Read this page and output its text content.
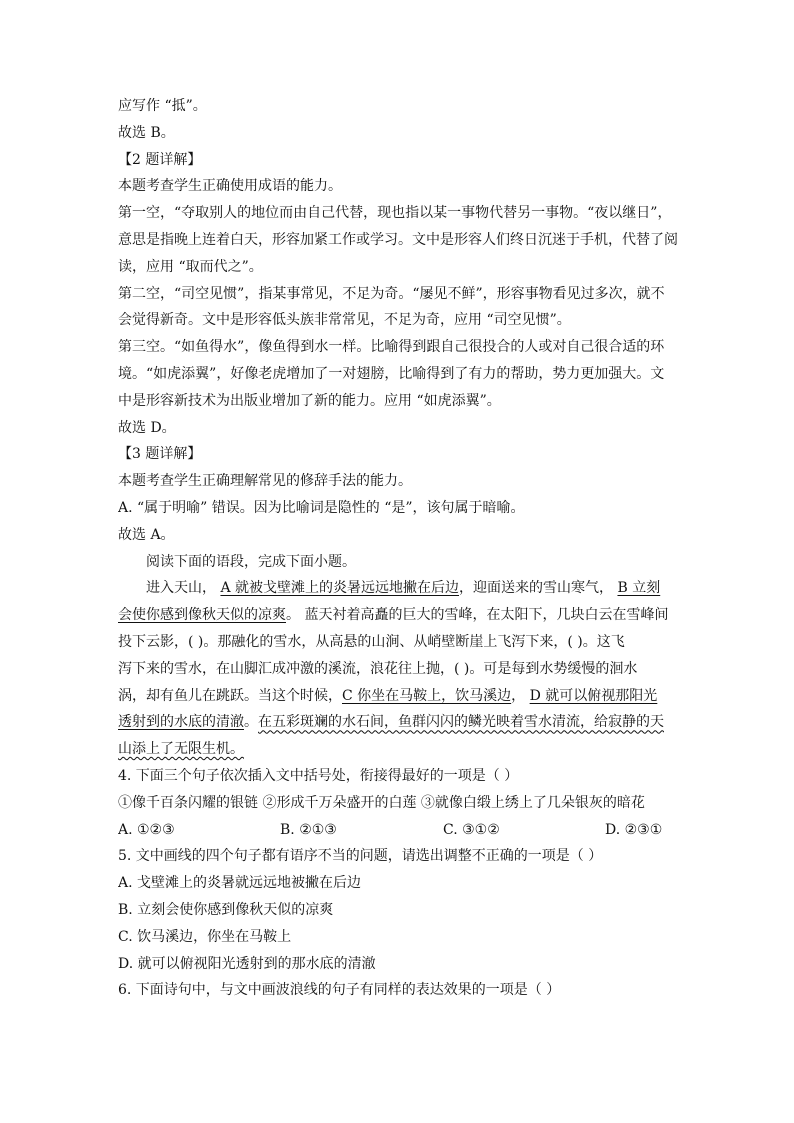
应写作 “抵”。
故选 B。
【2 题详解】
本题考查学生正确使用成语的能力。
第一空，“夺取别人的地位而由自己代替，现也指以某一事物代替另一事物。“夜以继日”，
意思是指晚上连着白天，形容加紧工作或学习。文中是形容人们终日沉迷于手机，代替了阅
读，应用 “取而代之”。
第二空，“司空见惯”，指某事常见，不足为奇。“屡见不鲜”，形容事物看见过多次，就不
会觉得新奇。文中是形容低头族非常常见，不足为奇，应用 “司空见惯”。
第三空。“如鱼得水”，像鱼得到水一样。比喻得到跟自己很投合的人或对自己很合适的环
境。“如虎添翼”，好像老虎增加了一对翅膀，比喻得到了有力的帮助，势力更加强大。文
中是形容新技术为出版业增加了新的能力。应用 “如虎添翼”。
故选 D。
【3 题详解】
本题考查学生正确理解常见的修辞手法的能力。
A. “属于明喻” 错误。因为比喻词是隐性的 “是”，该句属于暗喻。
故选 A。
阅读下面的语段，完成下面小题。
进入天山， A 就被戈壁滩上的炎暑远远地撇在后边，迎面送来的雪山寒气， B 立刻
会使你感到像秋天似的凉爽。 蓝天衬着高矗的巨大的雪峰，在太阳下，几块白云在雪峰间
投下云影，( )。那融化的雪水，从高悬的山涧、从峭壁断崖上飞泻下来，( )。这飞
泻下来的雪水，在山脚汇成冲激的溪流，浪花往上抛，( )。可是每到水势缓慢的洄水
涡，却有鱼儿在跳跃。当这个时候，C 你坐在马鞍上，饮马溪边， D 就可以俯视那阳光
透射到的水底的清澈。在五彩斑斓的水石间，鱼群闪闪的鳞光映着雪水清流，给寂静的天
山添上了无限生机。
4. 下面三个句子依次插入文中括号处，衔接得最好的一项是（ ）
①像千百条闪耀的银链 ②形成千万朵盛开的白莲 ③就像白缎上绣上了几朵银灰的暗花
A. ①②③	B. ②①③	C. ③①②	D. ②③①
5. 文中画线的四个句子都有语序不当的问题，请选出调整不正确的一项是（ ）
A. 戈壁滩上的炎暑就远远地被撇在后边
B. 立刻会使你感到像秋天似的凉爽
C. 饮马溪边，你坐在马鞍上
D. 就可以俯视阳光透射到的那水底的清澈
6. 下面诗句中，与文中画波浪线的句子有同样的表达效果的一项是（ ）
